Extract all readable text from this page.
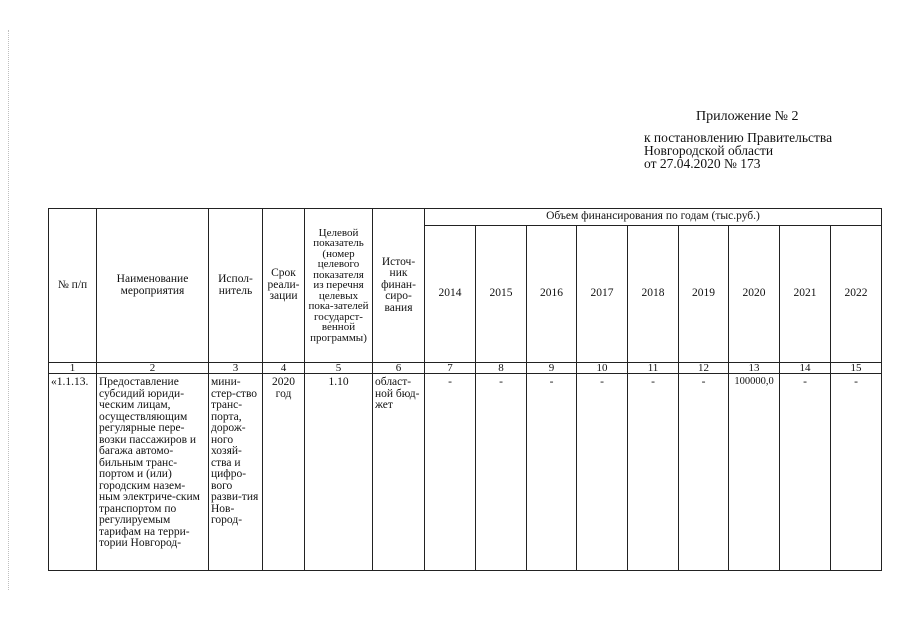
Приложение № 2
к постановлению Правительства
Новгородской области
от 27.04.2020 № 173
№ п/п	Наименование мероприятия	Испол-нитель	Срок реали-зации	Целевой показатель (номер целевого показателя из перечня целевых пока-зателей государст-венной программы)	Источ-ник финан-сиро-вания	Объем финансирования по годам (тыс.руб.)								
						2014	2015	2016	2017	2018	2019	2020	2021	2022
1	2	3	4	5	6	7	8	9	10	11	12	13	14	15
«1.1.13.	Предоставление субсидий юриди-ческим лицам, осуществляющим регулярные пере-возки пассажиров и багажа автомо-бильным транс-портом и (или) городским назем-ным электриче-ским транспортом по регулируемым тарифам на терри-тории Новгород-	мини-стер-ство транс-порта, дорож-ного хозяй-ства и цифро-вого разви-тия Нов-город-	2020 год	1.10	област-ной бюд-жет	-	-	-	-	-	-	100000,0	-	-
